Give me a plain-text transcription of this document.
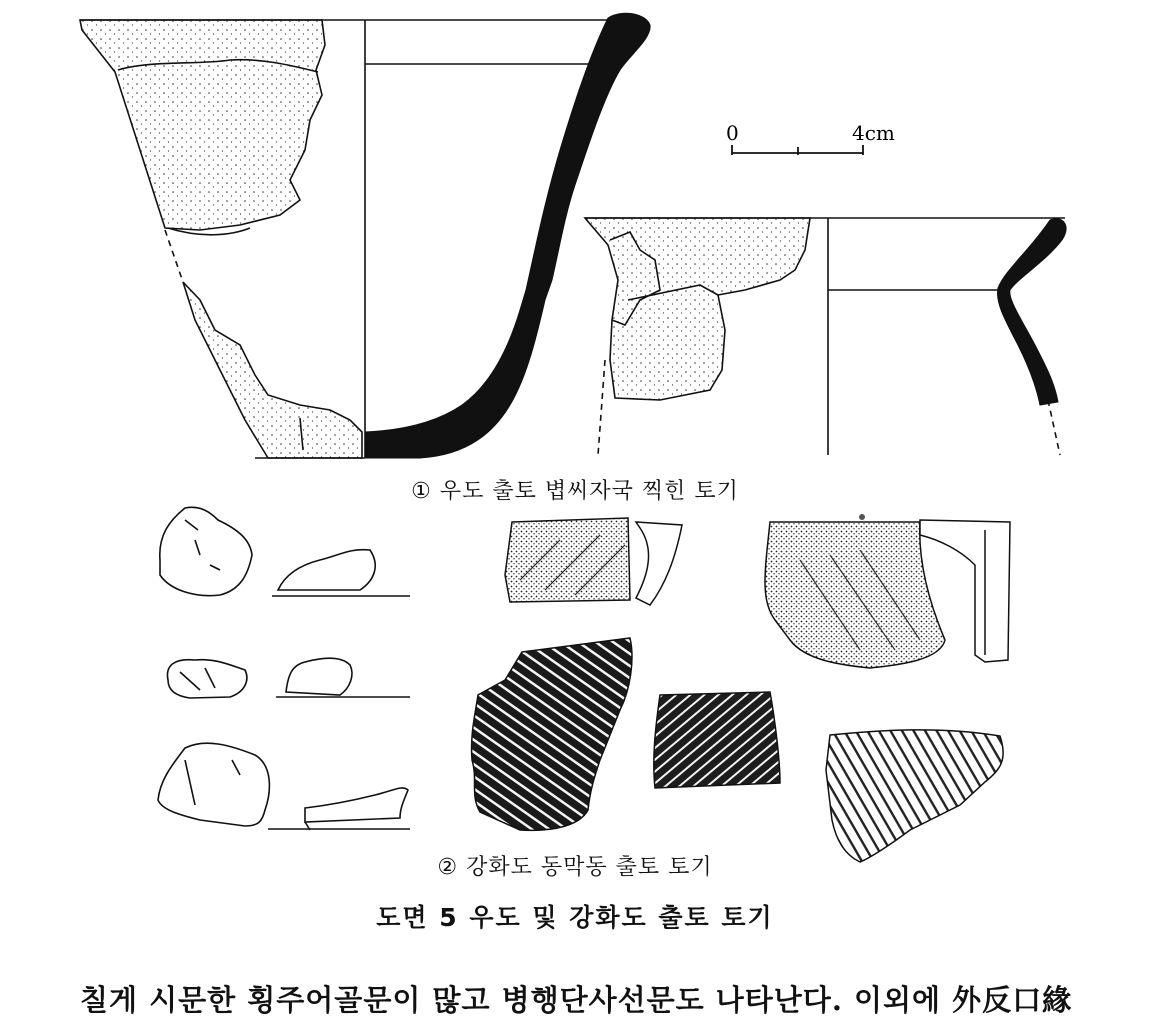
0	4cm
① 우도 출토 볍씨자국 찍힌 토기
② 강화도 동막동 출토 토기
도면 5 우도 및 강화도 출토 토기
칠게 시문한 횡주어골문이 많고 병행단사선문도 나타난다. 이외에 外反口緣
